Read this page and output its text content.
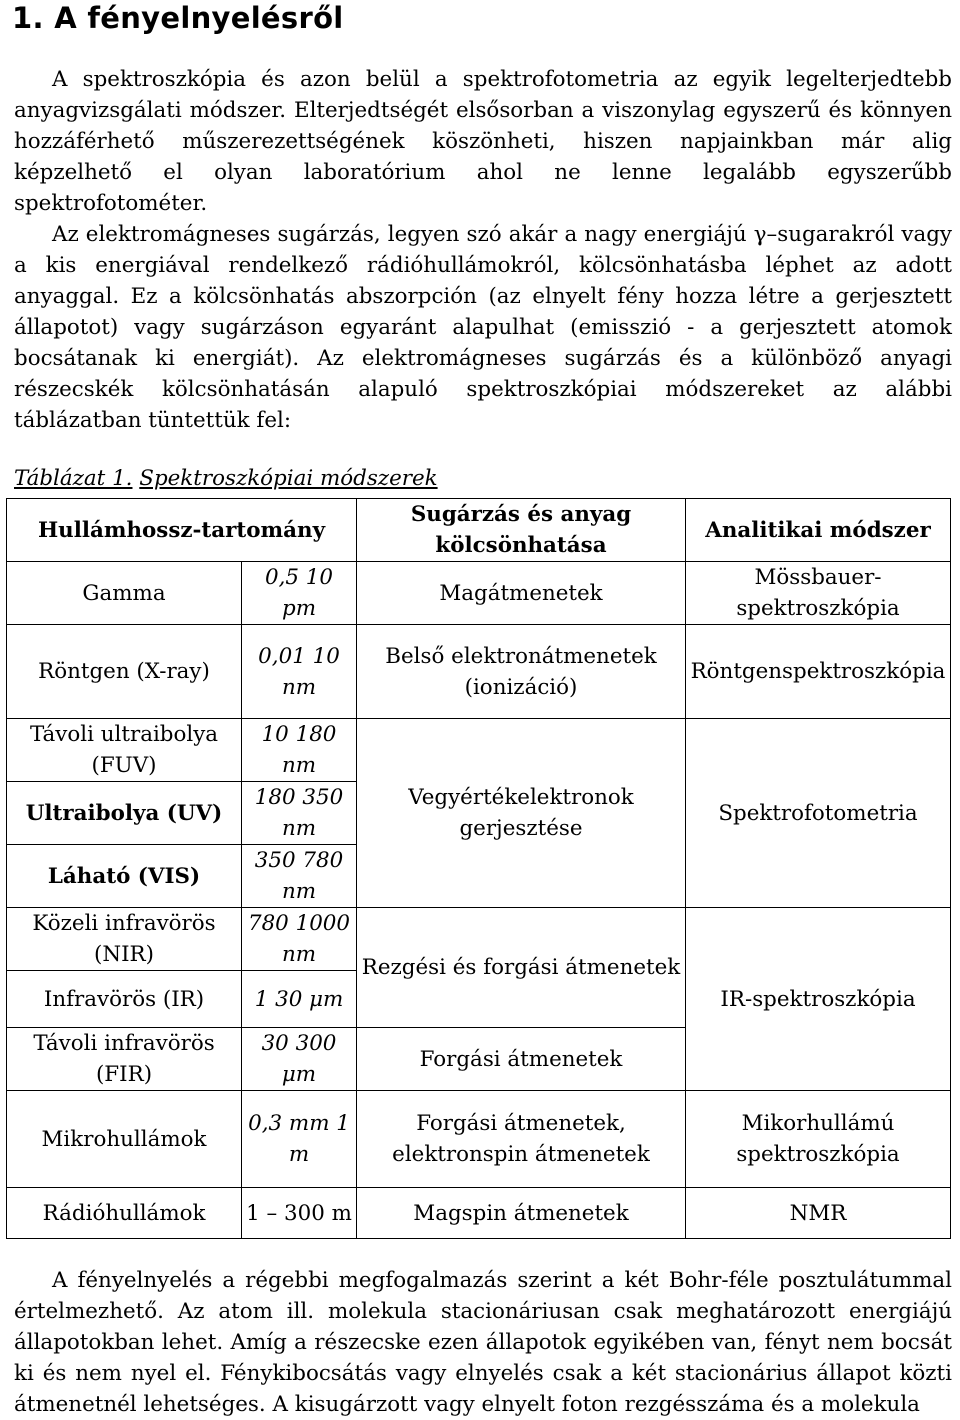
1. A fényelnyelésről

A spektroszkópia és azon belül a spektrofotometria az egyik legelterjedtebb anyagvizsgálati módszer. Elterjedtségét elsősorban a viszonylag egyszerű és könnyen hozzáférhető műszerezettségének köszönheti, hiszen napjainkban már alig képzelhető el olyan laboratórium ahol ne lenne legalább egyszerűbb spektrofotométer.

Az elektromágneses sugárzás, legyen szó akár a nagy energiájú γ–sugarakról vagy a kis energiával rendelkező rádióhullámokról, kölcsönhatásba léphet az adott anyaggal. Ez a kölcsönhatás abszorpción (az elnyelt fény hozza létre a gerjesztett állapotot) vagy sugárzáson egyaránt alapulhat (emisszió - a gerjesztett atomok bocsátanak ki energiát). Az elektromágneses sugárzás és a különböző anyagi részecskék kölcsönhatásán alapuló spektroszkópiai módszereket az alábbi táblázatban tüntettük fel:

Táblázat 1. Spektroszkópiai módszerek

Hullámhossz-tartomány		Sugárzás és anyag kölcsönhatása	Analitikai módszer
Gamma	0,5 10 pm	Magátmenetek	Mössbauer-spektroszkópia
Röntgen (X-ray)	0,01 10 nm	Belső elektronátmenetek (ionizáció)	Röntgenspektroszkópia
Távoli ultraibolya (FUV)	10 180 nm	Vegyértékelektronok gerjesztése	Spektrofotometria
Ultraibolya (UV)	180 350 nm		
Láható (VIS)	350 780 nm		
Közeli infravörös (NIR)	780 1000 nm	Rezgési és forgási átmenetek	IR-spektroszkópia
Infravörös (IR)	1 30 μm		
Távoli infravörös (FIR)	30 300 μm	Forgási átmenetek	
Mikrohullámok	0,3 mm 1 m	Forgási átmenetek, elektronspin átmenetek	Mikorhullámú spektroszkópia
Rádióhullámok	1 – 300 m	Magspin átmenetek	NMR

A fényelnyelés a régebbi megfogalmazás szerint a két Bohr-féle posztulátummal értelmezhető. Az atom ill. molekula stacionáriusan csak meghatározott energiájú állapotokban lehet. Amíg a részecske ezen állapotok egyikében van, fényt nem bocsát ki és nem nyel el. Fénykibocsátás vagy elnyelés csak a két stacionárius állapot közti átmenetnél lehetséges. A kisugárzott vagy elnyelt foton rezgésszáma és a molekula
